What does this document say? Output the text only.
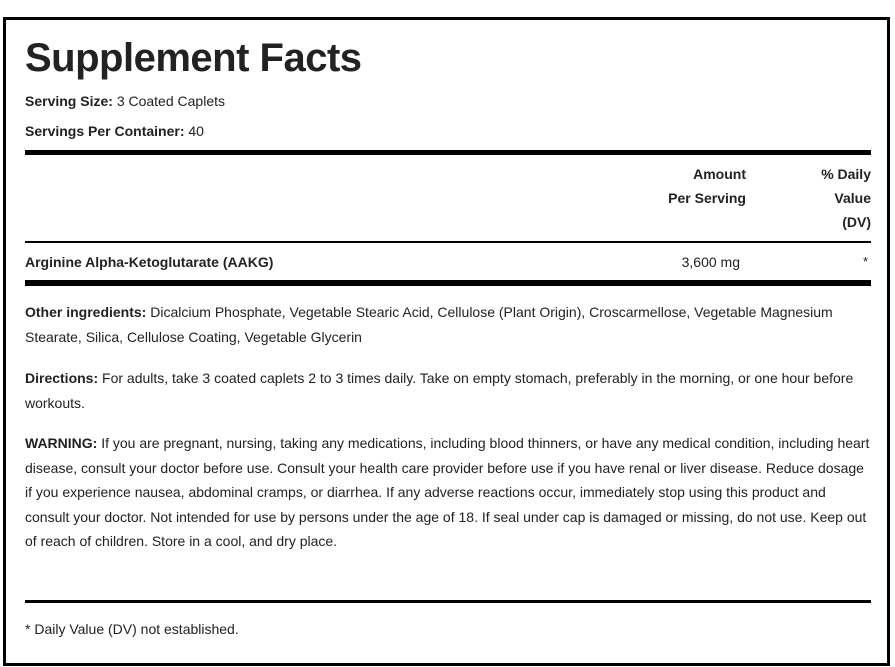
Supplement Facts
Serving Size: 3 Coated Caplets
Servings Per Container: 40
Amount
Per Serving
% Daily
Value
(DV)
Arginine Alpha-Ketoglutarate (AAKG)	3,600 mg	*

Other ingredients: Dicalcium Phosphate, Vegetable Stearic Acid, Cellulose (Plant Origin), Croscarmellose, Vegetable Magnesium Stearate, Silica, Cellulose Coating, Vegetable Glycerin

Directions: For adults, take 3 coated caplets 2 to 3 times daily. Take on empty stomach, preferably in the morning, or one hour before workouts.

WARNING: If you are pregnant, nursing, taking any medications, including blood thinners, or have any medical condition, including heart disease, consult your doctor before use. Consult your health care provider before use if you have renal or liver disease. Reduce dosage if you experience nausea, abdominal cramps, or diarrhea. If any adverse reactions occur, immediately stop using this product and consult your doctor. Not intended for use by persons under the age of 18. If seal under cap is damaged or missing, do not use. Keep out of reach of children. Store in a cool, and dry place.

* Daily Value (DV) not established.
